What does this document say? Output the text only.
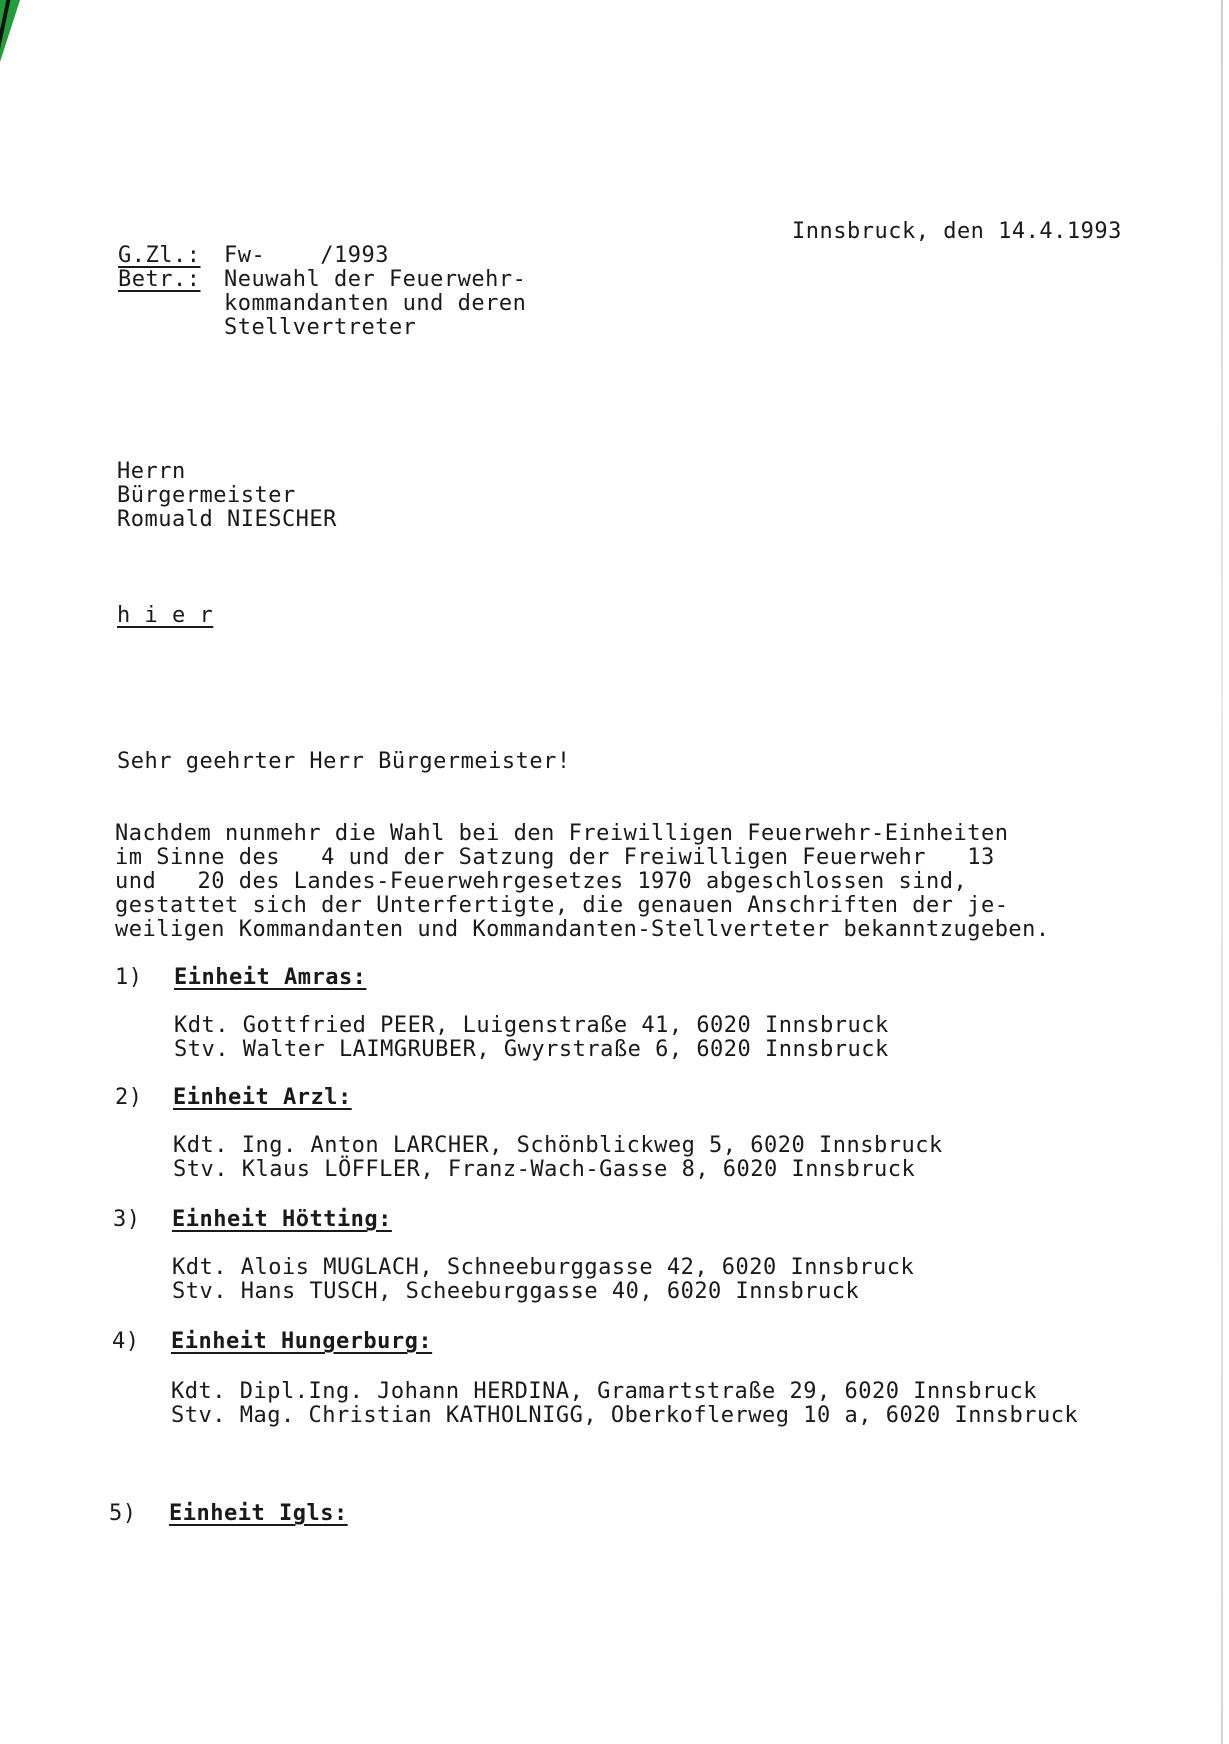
Innsbruck, den 14.4.1993
G.Zl.: Fw-    /1993
Betr.: Neuwahl der Feuerwehr-
kommandanten und deren
Stellvertreter
Herrn
Bürgermeister
Romuald NIESCHER
h i e r
Sehr geehrter Herr Bürgermeister!
Nachdem nunmehr die Wahl bei den Freiwilligen Feuerwehr-Einheiten
im Sinne des   4 und der Satzung der Freiwilligen Feuerwehr   13
und   20 des Landes-Feuerwehrgesetzes 1970 abgeschlossen sind,
gestattet sich der Unterfertigte, die genauen Anschriften der je-
weiligen Kommandanten und Kommandanten-Stellverteter bekanntzugeben.
1) Einheit Amras:
Kdt. Gottfried PEER, Luigenstraße 41, 6020 Innsbruck
Stv. Walter LAIMGRUBER, Gwyrstraße 6, 6020 Innsbruck
2) Einheit Arzl:
Kdt. Ing. Anton LARCHER, Schönblickweg 5, 6020 Innsbruck
Stv. Klaus LÖFFLER, Franz-Wach-Gasse 8, 6020 Innsbruck
3) Einheit Hötting:
Kdt. Alois MUGLACH, Schneeburggasse 42, 6020 Innsbruck
Stv. Hans TUSCH, Scheeburggasse 40, 6020 Innsbruck
4) Einheit Hungerburg:
Kdt. Dipl.Ing. Johann HERDINA, Gramartstraße 29, 6020 Innsbruck
Stv. Mag. Christian KATHOLNIGG, Oberkoflerweg 10 a, 6020 Innsbruck
5) Einheit Igls:
